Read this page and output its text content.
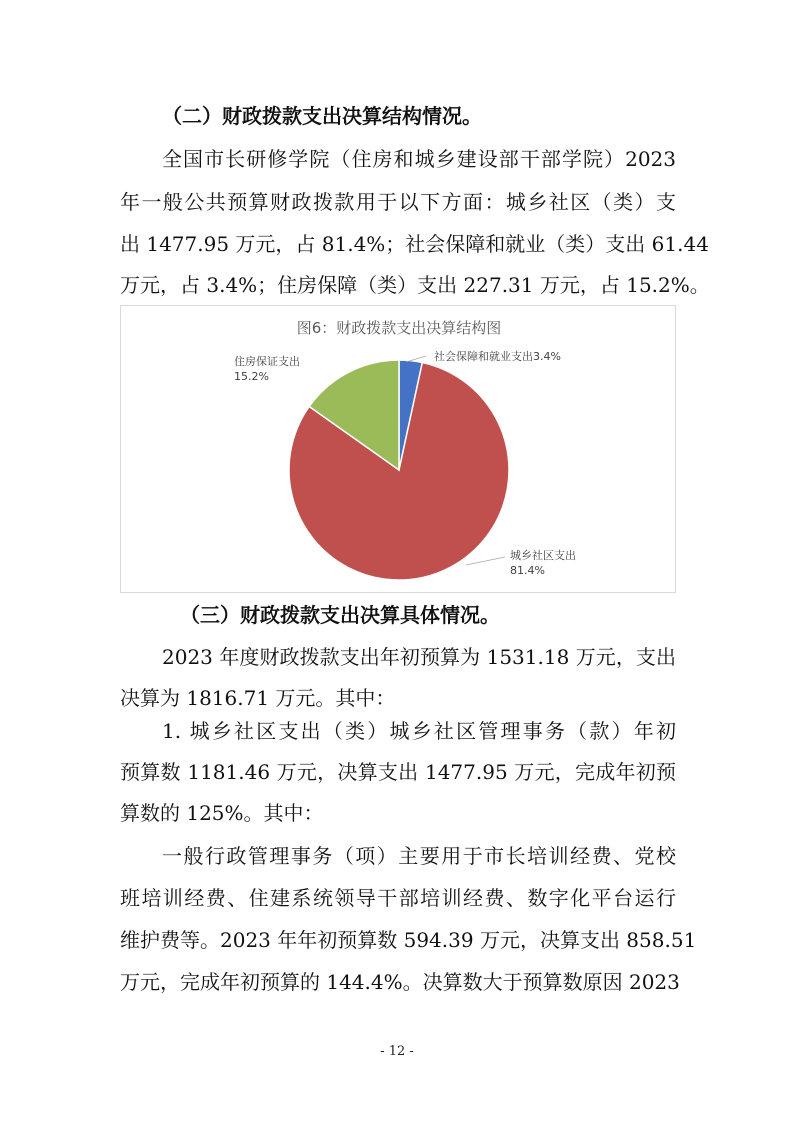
（二）财政拨款支出决算结构情况。
全国市长研修学院（住房和城乡建设部干部学院）2023
年一般公共预算财政拨款用于以下方面：城乡社区（类）支
出 1477.95 万元，占 81.4%；社会保障和就业（类）支出 61.44
万元，占 3.4%；住房保障（类）支出 227.31 万元，占 15.2%。
图6：财政拨款支出决算结构图
社会保障和就业支出3.4%
城乡社区支出 81.4%
住房保证支出 15.2%
（三）财政拨款支出决算具体情况。
2023 年度财政拨款支出年初预算为 1531.18 万元，支出
决算为 1816.71 万元。其中：
1. 城乡社区支出（类）城乡社区管理事务（款）年初
预算数 1181.46 万元，决算支出 1477.95 万元，完成年初预
算数的 125%。其中：
一般行政管理事务（项）主要用于市长培训经费、党校
班培训经费、住建系统领导干部培训经费、数字化平台运行
维护费等。2023 年年初预算数 594.39 万元，决算支出 858.51
万元，完成年初预算的 144.4%。决算数大于预算数原因 2023
- 12 -
